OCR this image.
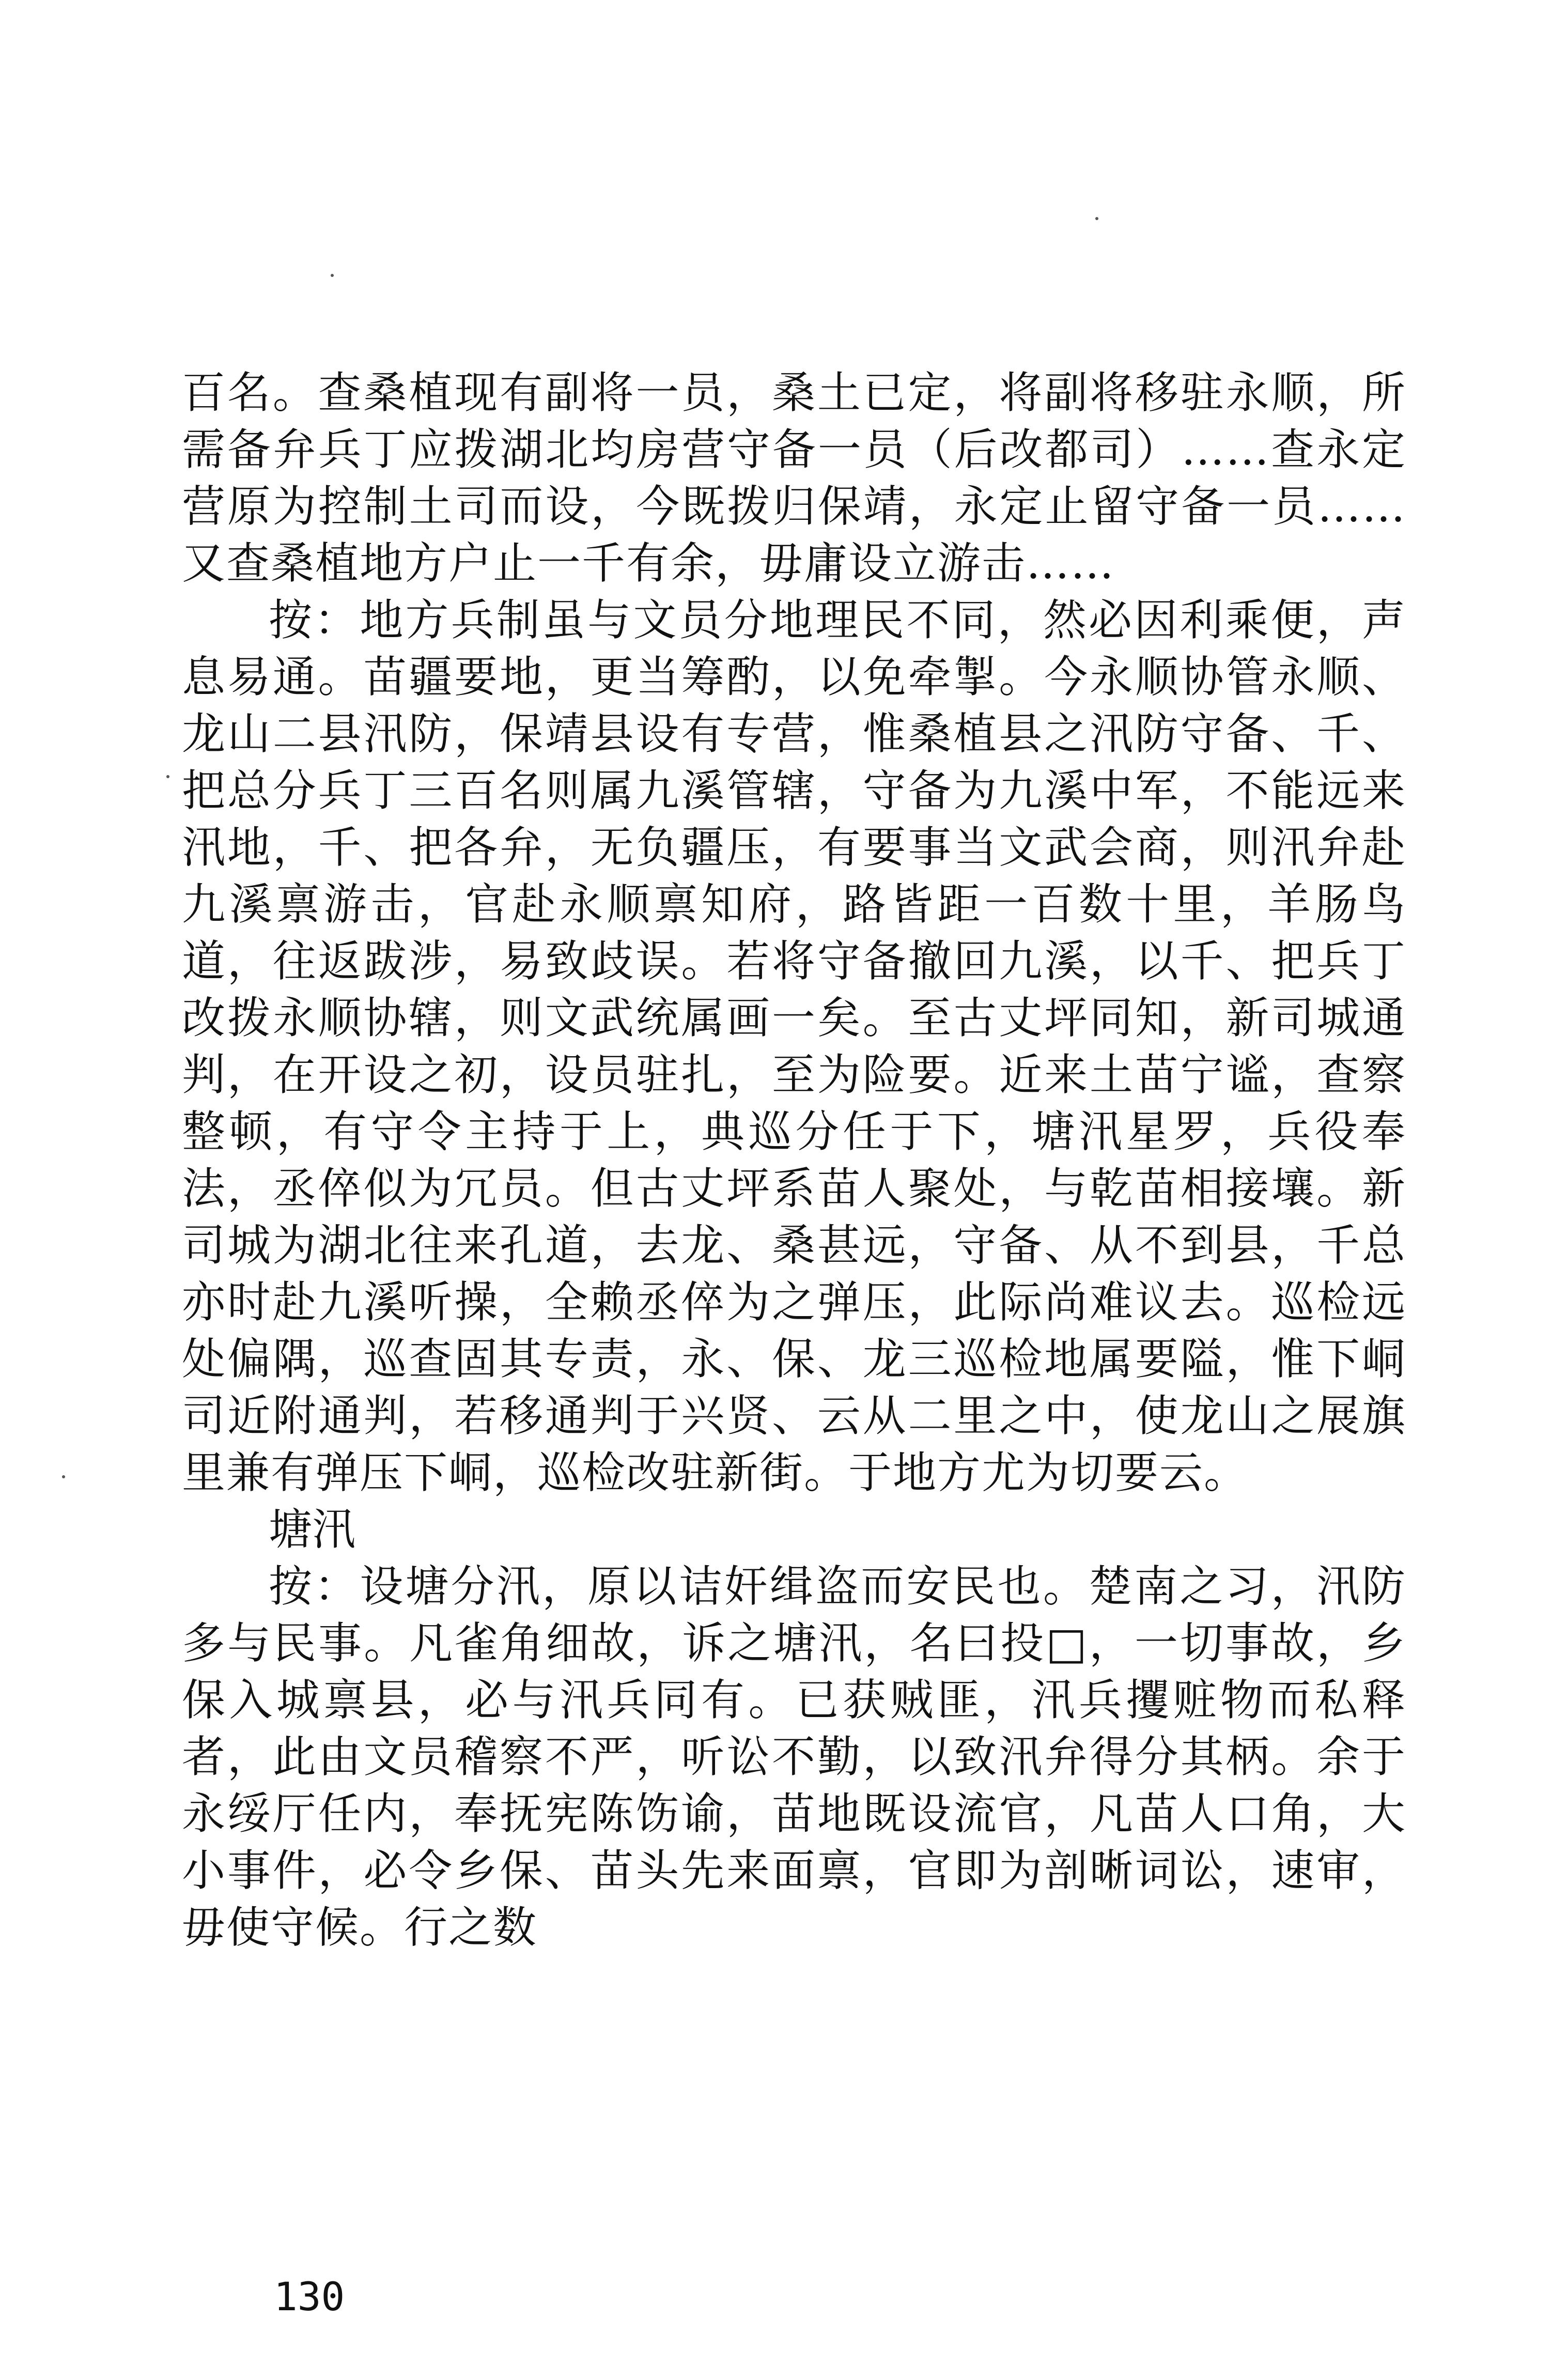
百名。查桑植现有副将一员，桑土已定，将副将移驻永顺，所需备弁兵丁应拨湖北均房营守备一员（后改都司）……查永定营原为控制土司而设，今既拨归保靖，永定止留守备一员……又查桑植地方户止一千有余，毋庸设立游击……

按：地方兵制虽与文员分地理民不同，然必因利乘便，声息易通。苗疆要地，更当筹酌，以免牵掣。今永顺协管永顺、龙山二县汛防，保靖县设有专营，惟桑植县之汛防守备、千、把总分兵丁三百名则属九溪管辖，守备为九溪中军，不能远来汛地，千、把各弁，无负疆压，有要事当文武会商，则汛弁赴九溪禀游击，官赴永顺禀知府，路皆距一百数十里，羊肠鸟道，往返跋涉，易致歧误。若将守备撤回九溪，以千、把兵丁改拨永顺协辖，则文武统属画一矣。至古丈坪同知，新司城通判，在开设之初，设员驻扎，至为险要。近来土苗宁谧，查察整顿，有守令主持于上，典巡分任于下，塘汛星罗，兵役奉法，丞倅似为冗员。但古丈坪系苗人聚处，与乾苗相接壤。新司城为湖北往来孔道，去龙、桑甚远，守备、从不到县，千总亦时赴九溪听操，全赖丞倅为之弹压，此际尚难议去。巡检远处偏隅，巡查固其专责，永、保、龙三巡检地属要隘，惟下峒司近附通判，若移通判于兴贤、云从二里之中，使龙山之展旗里兼有弹压下峒，巡检改驻新街。于地方尤为切要云。

塘汛

按：设塘分汛，原以诘奸缉盗而安民也。楚南之习，汛防多与民事。凡雀角细故，诉之塘汛，名曰投□，一切事故，乡保入城禀县，必与汛兵同有。已获贼匪，汛兵攫赃物而私释者，此由文员稽察不严，听讼不勤，以致汛弁得分其柄。余于永绥厅任内，奉抚宪陈饬谕，苗地既设流官，凡苗人口角，大小事件，必令乡保、苗头先来面禀，官即为剖晰词讼，速审，毋使守候。行之数

130
